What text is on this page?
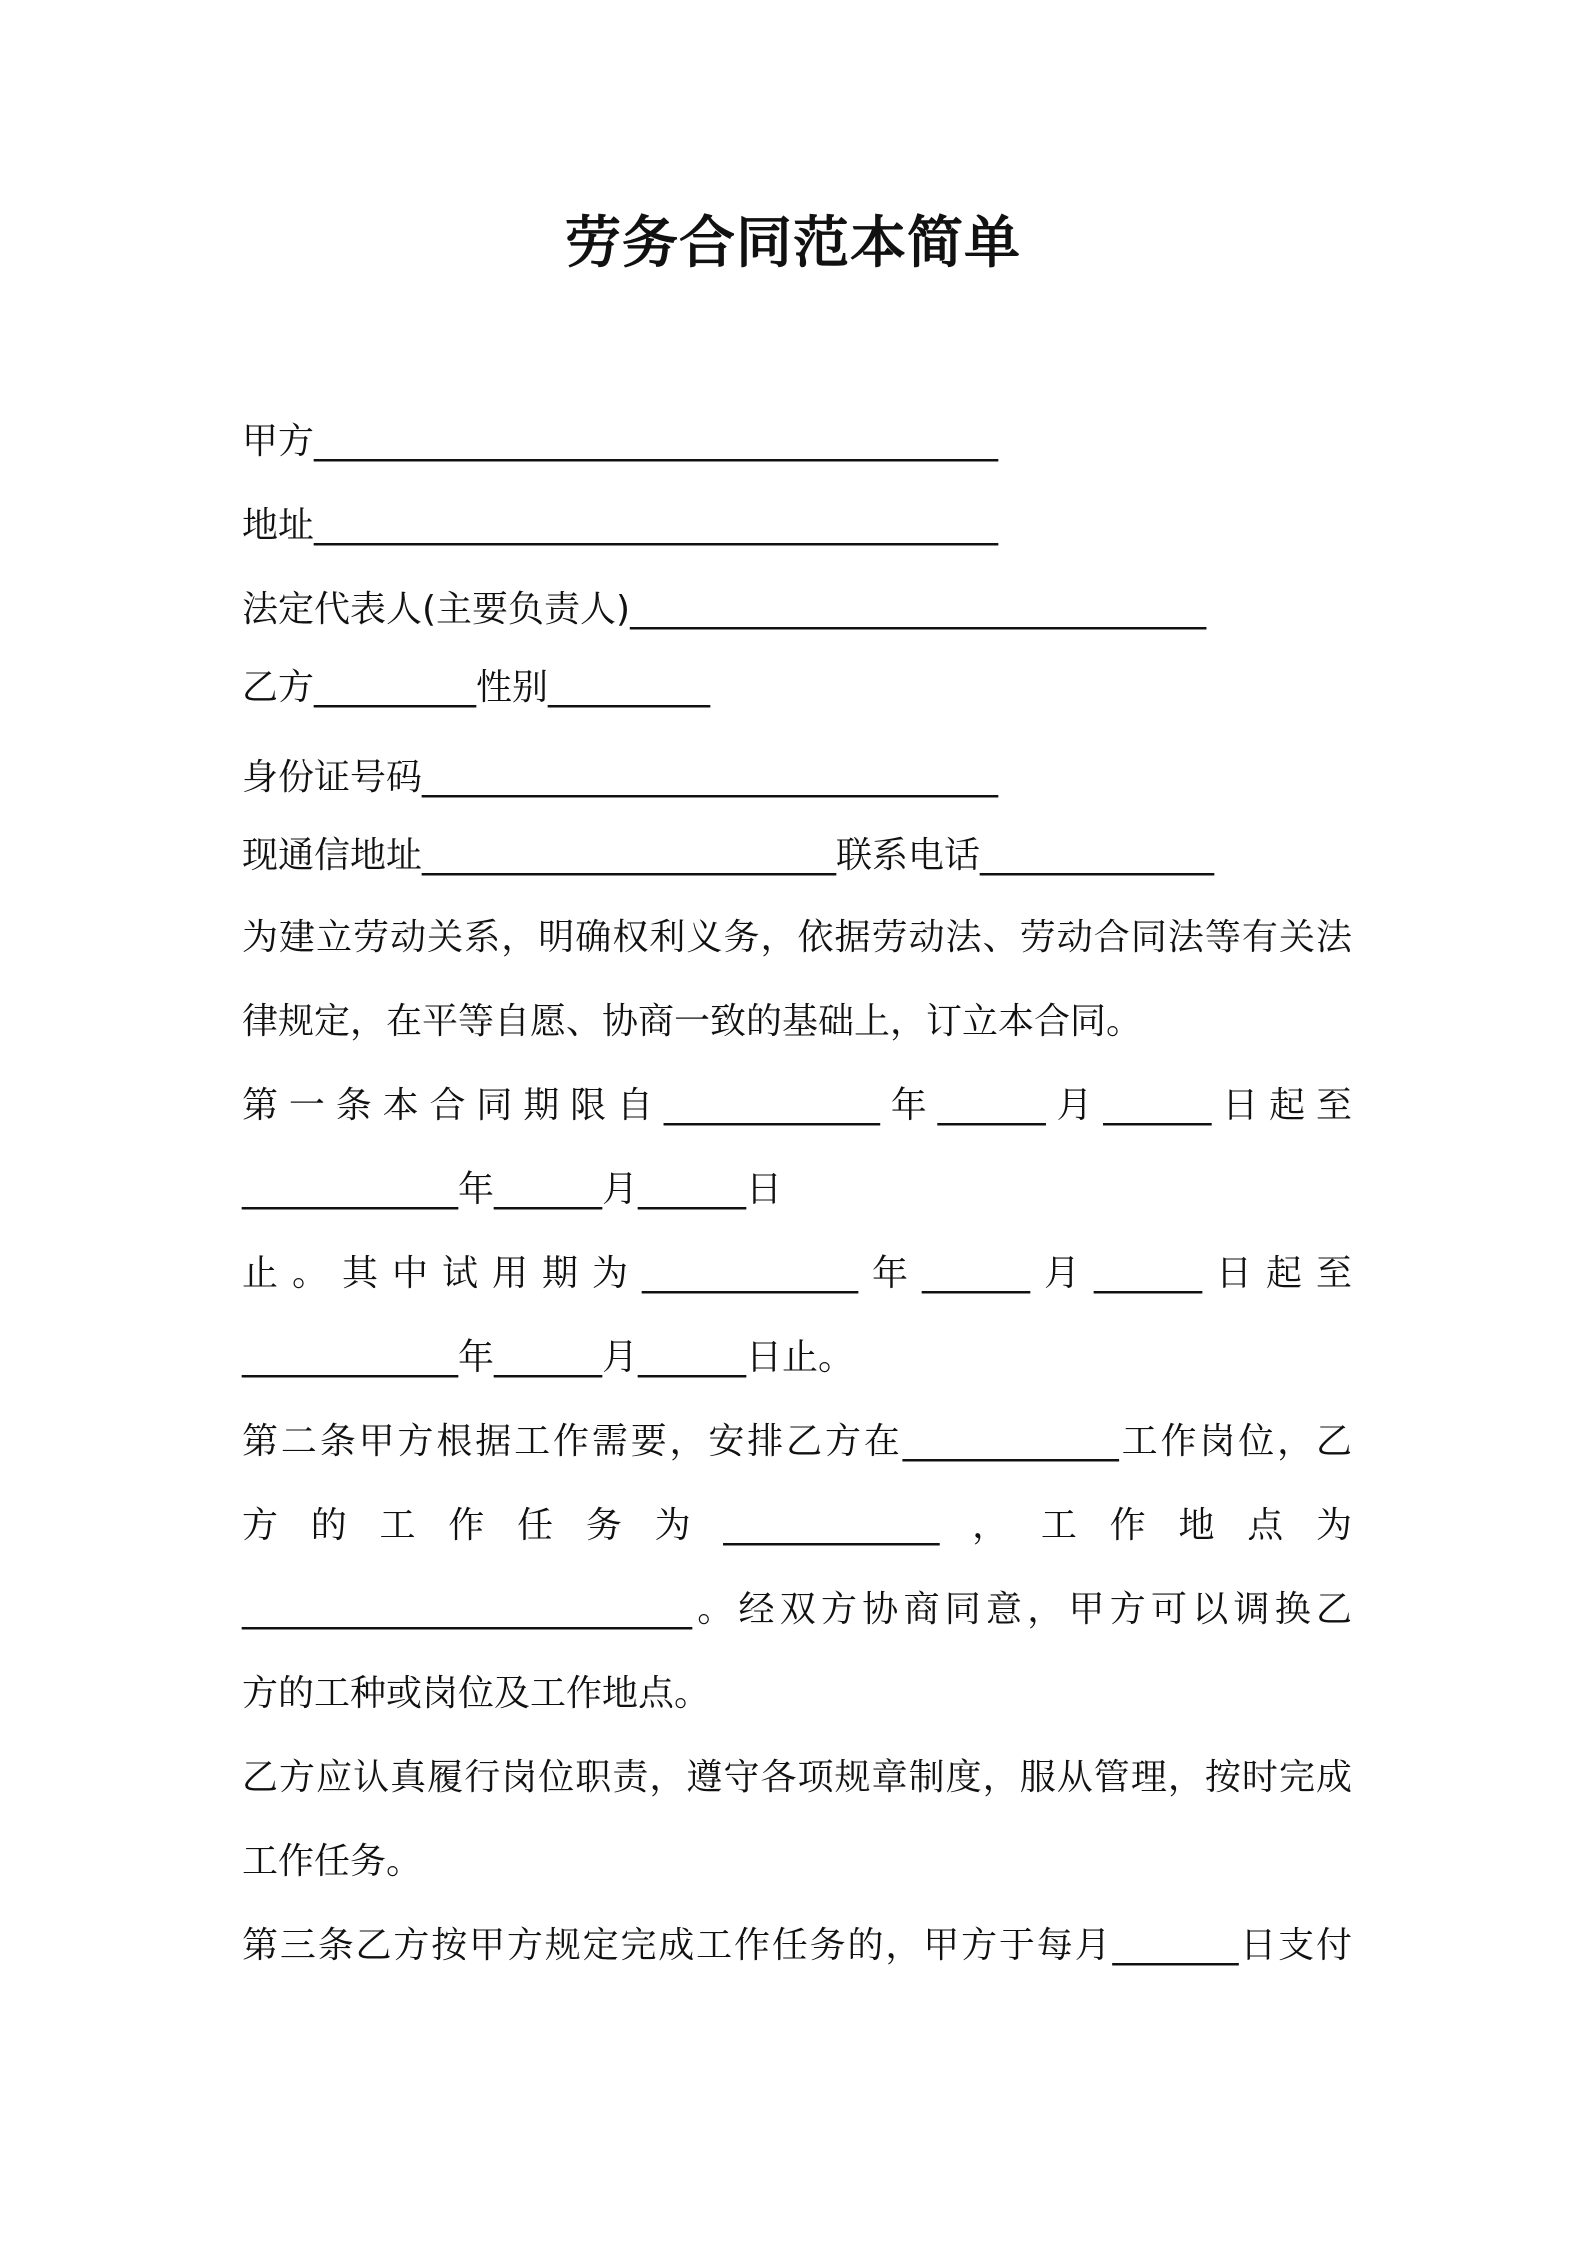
劳务合同范本简单
甲方______________________________________
地址______________________________________
法定代表人(主要负责人)________________________________
乙方_________性别_________
身份证号码________________________________
现通信地址_______________________联系电话_____________
为建立劳动关系，明确权利义务，依据劳动法、劳动合同法等有关法
律规定，在平等自愿、协商一致的基础上，订立本合同。
第一条本合同期限自____________年______月______日起至
____________年______月______日
止。其中试用期为____________年______月______日起至
____________年______月______日止。
第二条甲方根据工作需要，安排乙方在____________工作岗位，乙
方的工作任务为____________，工作地点为
_________________________。经双方协商同意，甲方可以调换乙
方的工种或岗位及工作地点。
乙方应认真履行岗位职责，遵守各项规章制度，服从管理，按时完成
工作任务。
第三条乙方按甲方规定完成工作任务的，甲方于每月_______日支付
